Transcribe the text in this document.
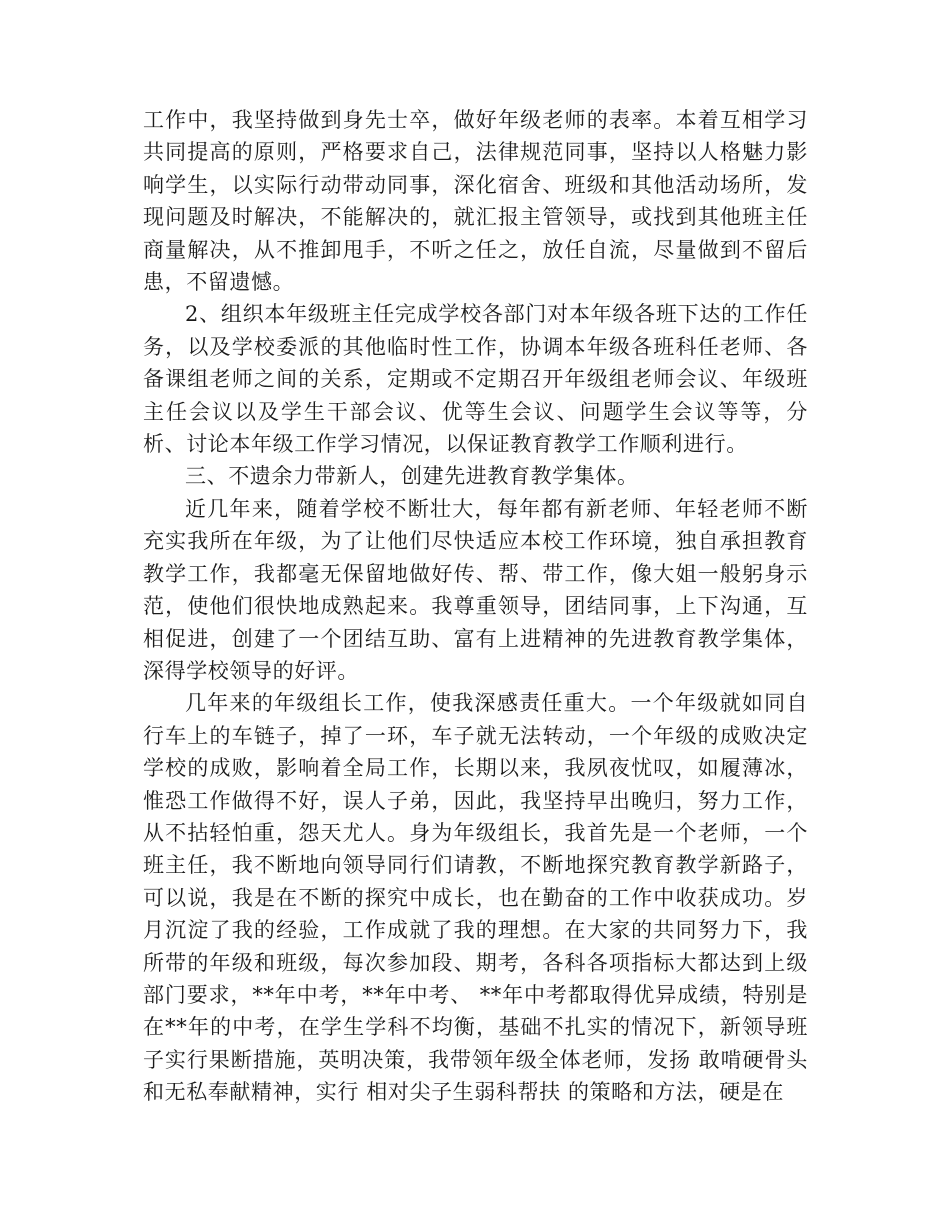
工作中，我坚持做到身先士卒，做好年级老师的表率。本着互相学习共同提高的原则，严格要求自己，法律规范同事，坚持以人格魅力影响学生，以实际行动带动同事，深化宿舍、班级和其他活动场所，发现问题及时解决，不能解决的，就汇报主管领导，或找到其他班主任商量解决，从不推卸甩手，不听之任之，放任自流，尽量做到不留后患，不留遗憾。

2、组织本年级班主任完成学校各部门对本年级各班下达的工作任务，以及学校委派的其他临时性工作，协调本年级各班科任老师、各备课组老师之间的关系，定期或不定期召开年级组老师会议、年级班主任会议以及学生干部会议、优等生会议、问题学生会议等等，分析、讨论本年级工作学习情况，以保证教育教学工作顺利进行。

三、不遗余力带新人，创建先进教育教学集体。

近几年来，随着学校不断壮大，每年都有新老师、年轻老师不断充实我所在年级，为了让他们尽快适应本校工作环境，独自承担教育教学工作，我都毫无保留地做好传、帮、带工作，像大姐一般躬身示范，使他们很快地成熟起来。我尊重领导，团结同事，上下沟通，互相促进，创建了一个团结互助、富有上进精神的先进教育教学集体，深得学校领导的好评。

几年来的年级组长工作，使我深感责任重大。一个年级就如同自行车上的车链子，掉了一环，车子就无法转动，一个年级的成败决定学校的成败，影响着全局工作，长期以来，我夙夜忧叹，如履薄冰，惟恐工作做得不好，误人子弟，因此，我坚持早出晚归，努力工作，从不拈轻怕重，怨天尤人。身为年级组长，我首先是一个老师，一个班主任，我不断地向领导同行们请教，不断地探究教育教学新路子，可以说，我是在不断的探究中成长，也在勤奋的工作中收获成功。岁月沉淀了我的经验，工作成就了我的理想。在大家的共同努力下，我所带的年级和班级，每次参加段、期考，各科各项指标大都达到上级部门要求，**年中考，**年中考、 **年中考都取得优异成绩，特别是在**年的中考，在学生学科不均衡，基础不扎实的情况下，新领导班子实行果断措施，英明决策，我带领年级全体老师，发扬 敢啃硬骨头和无私奉献精神，实行 相对尖子生弱科帮扶 的策略和方法，硬是在
